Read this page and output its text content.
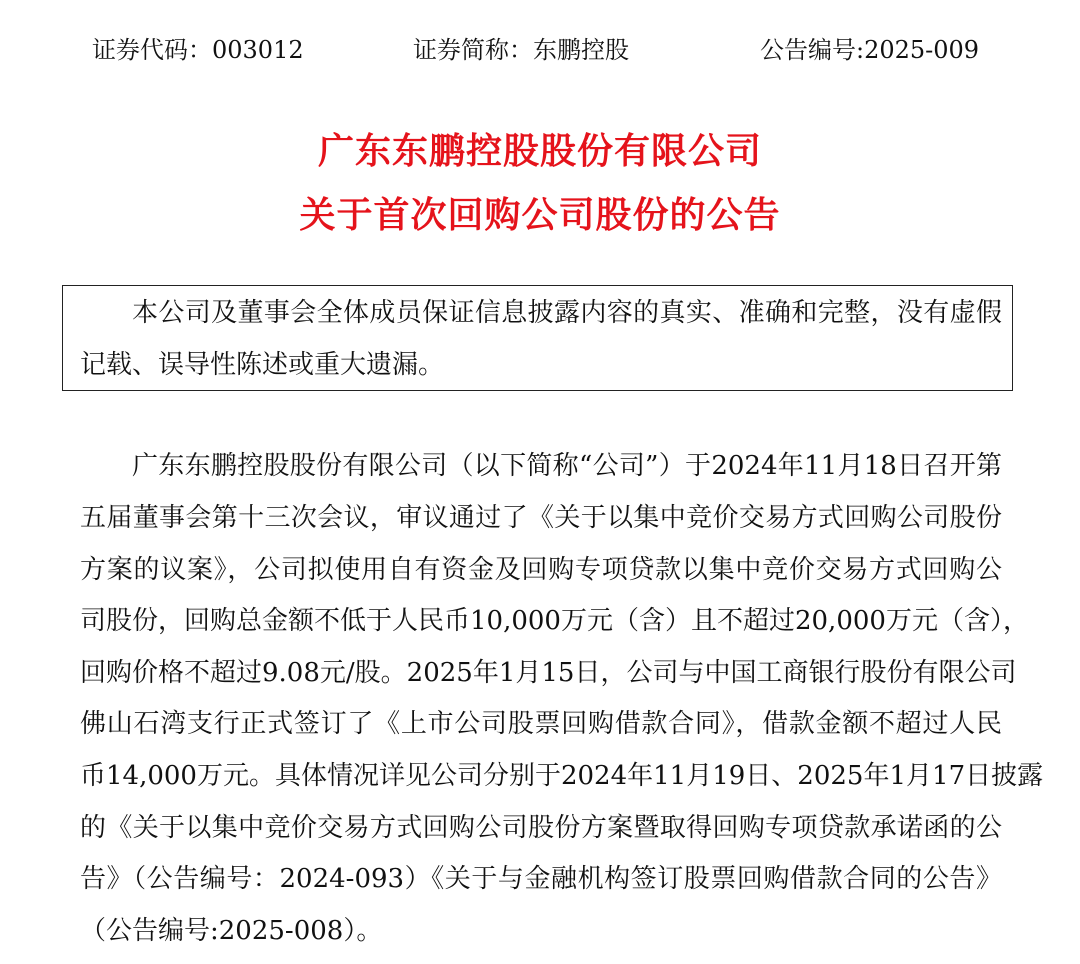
证券代码：003012	证券简称：东鹏控股	公告编号:2025-009
广东东鹏控股股份有限公司
关于首次回购公司股份的公告
本公司及董事会全体成员保证信息披露内容的真实、准确和完整，没有虚假
记载、误导性陈述或重大遗漏。
广东东鹏控股股份有限公司（以下简称“公司”）于2024年11月18日召开第
五届董事会第十三次会议，审议通过了《关于以集中竞价交易方式回购公司股份
方案的议案》，公司拟使用自有资金及回购专项贷款以集中竞价交易方式回购公
司股份，回购总金额不低于人民币10,000万元（含）且不超过20,000万元（含），
回购价格不超过9.08元/股。2025年1月15日，公司与中国工商银行股份有限公司
佛山石湾支行正式签订了《上市公司股票回购借款合同》，借款金额不超过人民
币14,000万元。具体情况详见公司分别于2024年11月19日、2025年1月17日披露
的《关于以集中竞价交易方式回购公司股份方案暨取得回购专项贷款承诺函的公
告》（公告编号：2024-093）《关于与金融机构签订股票回购借款合同的公告》
（公告编号:2025-008）。
